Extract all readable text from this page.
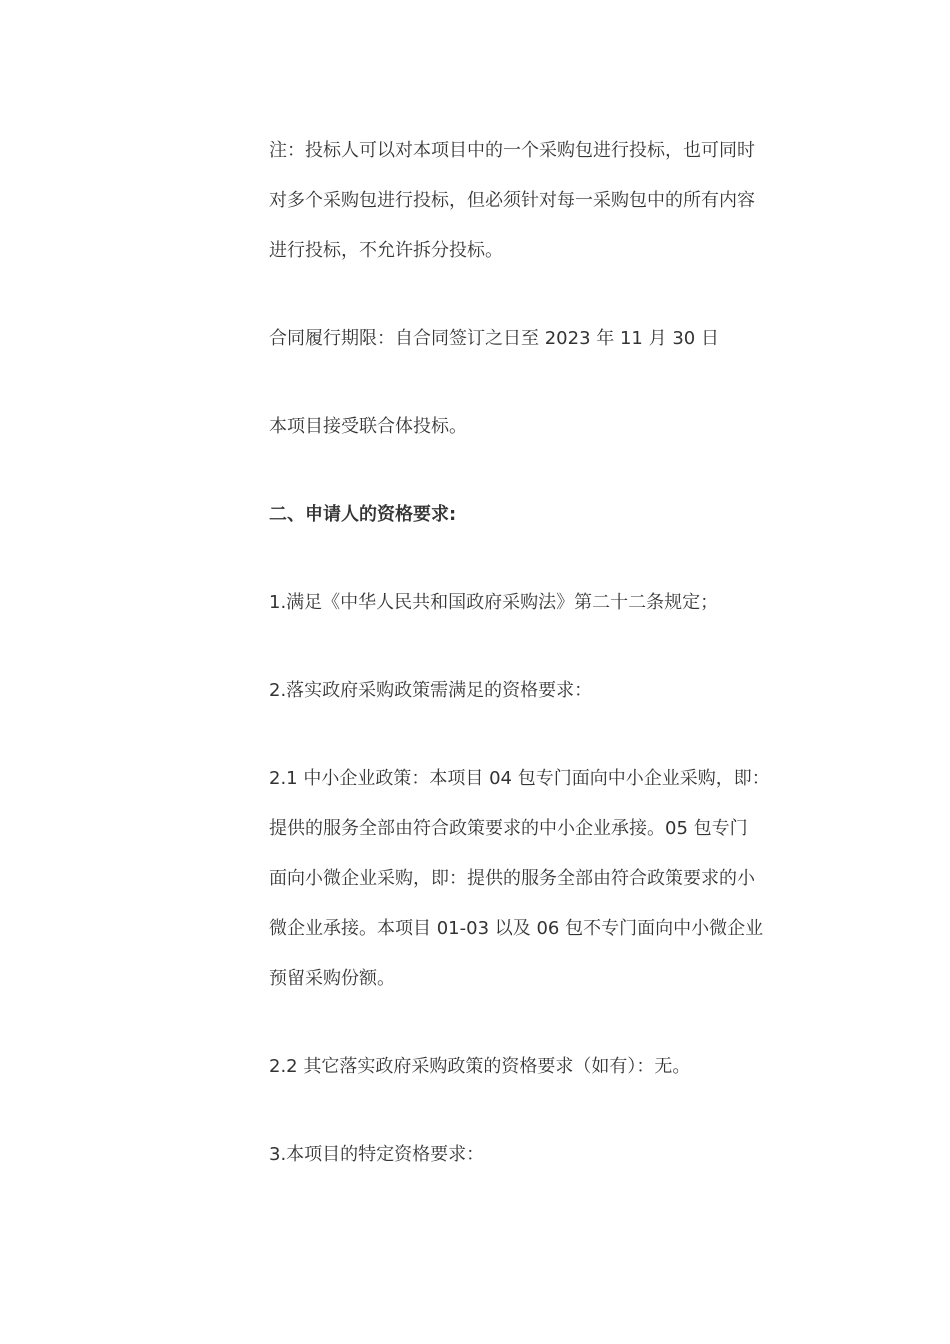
注：投标人可以对本项目中的一个采购包进行投标，也可同时
对多个采购包进行投标，但必须针对每一采购包中的所有内容
进行投标，不允许拆分投标。

合同履行期限：自合同签订之日至 2023 年 11 月 30 日

本项目接受联合体投标。

二、申请人的资格要求:

1.满足《中华人民共和国政府采购法》第二十二条规定；

2.落实政府采购政策需满足的资格要求：

2.1 中小企业政策：本项目 04 包专门面向中小企业采购，即：
提供的服务全部由符合政策要求的中小企业承接。05 包专门
面向小微企业采购，即：提供的服务全部由符合政策要求的小
微企业承接。本项目 01-03 以及 06 包不专门面向中小微企业
预留采购份额。

2.2 其它落实政府采购政策的资格要求（如有）：无。

3.本项目的特定资格要求：
